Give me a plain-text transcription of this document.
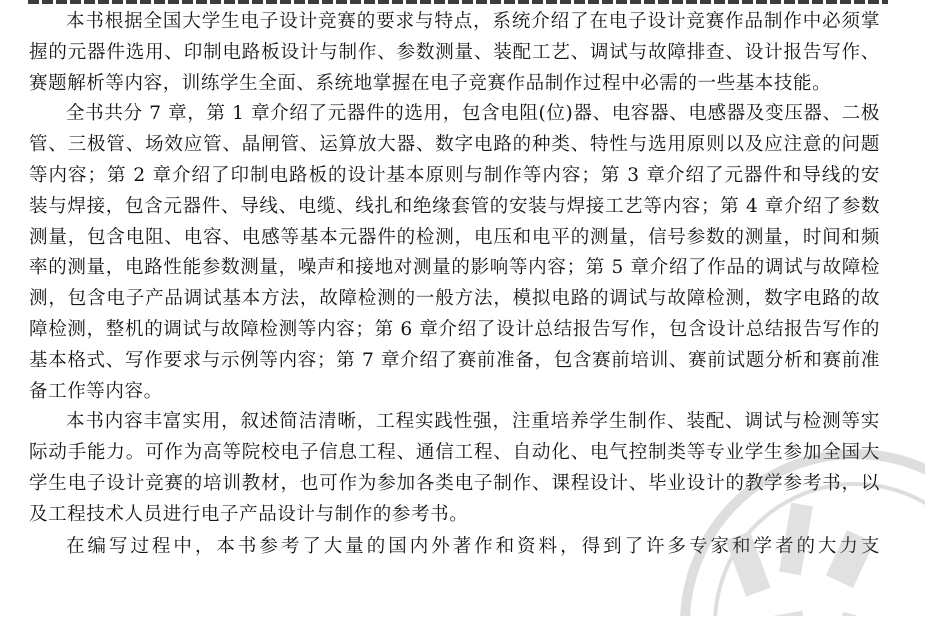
本书根据全国大学生电子设计竞赛的要求与特点，系统介绍了在电子设计竞赛作品制作中必须掌握的元器件选用、印制电路板设计与制作、参数测量、装配工艺、调试与故障排查、设计报告写作、赛题解析等内容，训练学生全面、系统地掌握在电子竞赛作品制作过程中必需的一些基本技能。

全书共分 7 章，第 1 章介绍了元器件的选用，包含电阻(位)器、电容器、电感器及变压器、二极管、三极管、场效应管、晶闸管、运算放大器、数字电路的种类、特性与选用原则以及应注意的问题等内容；第 2 章介绍了印制电路板的设计基本原则与制作等内容；第 3 章介绍了元器件和导线的安装与焊接，包含元器件、导线、电缆、线扎和绝缘套管的安装与焊接工艺等内容；第 4 章介绍了参数测量，包含电阻、电容、电感等基本元器件的检测，电压和电平的测量，信号参数的测量，时间和频率的测量，电路性能参数测量，噪声和接地对测量的影响等内容；第 5 章介绍了作品的调试与故障检测，包含电子产品调试基本方法，故障检测的一般方法，模拟电路的调试与故障检测，数字电路的故障检测，整机的调试与故障检测等内容；第 6 章介绍了设计总结报告写作，包含设计总结报告写作的基本格式、写作要求与示例等内容；第 7 章介绍了赛前准备，包含赛前培训、赛前试题分析和赛前准备工作等内容。

本书内容丰富实用，叙述简洁清晰，工程实践性强，注重培养学生制作、装配、调试与检测等实际动手能力。可作为高等院校电子信息工程、通信工程、自动化、电气控制类等专业学生参加全国大学生电子设计竞赛的培训教材，也可作为参加各类电子制作、课程设计、毕业设计的教学参考书，以及工程技术人员进行电子产品设计与制作的参考书。

在编写过程中，本书参考了大量的国内外著作和资料，得到了许多专家和学者的大力支
